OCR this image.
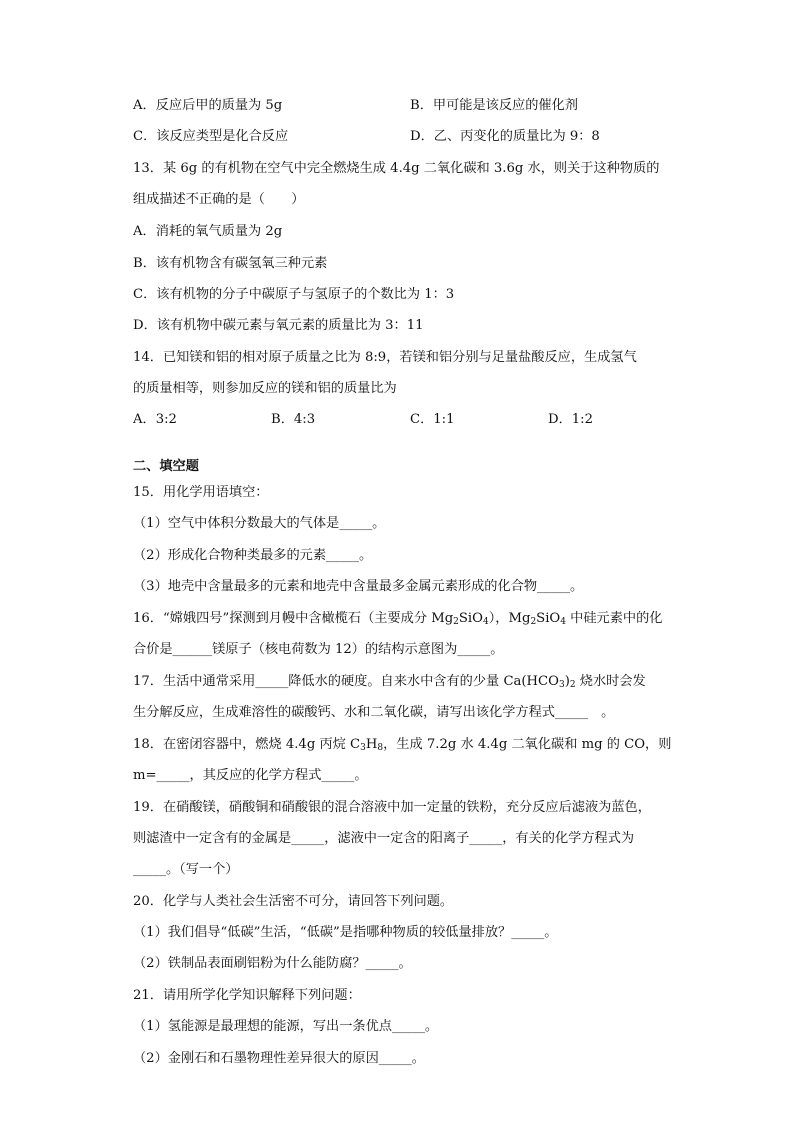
A．反应后甲的质量为 5g	B．甲可能是该反应的催化剂
C．该反应类型是化合反应	D．乙、丙变化的质量比为 9：8
13．某 6g 的有机物在空气中完全燃烧生成 4.4g 二氧化碳和 3.6g 水，则关于这种物质的
组成描述不正确的是（　　）
A．消耗的氧气质量为 2g
B．该有机物含有碳氢氧三种元素
C．该有机物的分子中碳原子与氢原子的个数比为 1：3
D．该有机物中碳元素与氧元素的质量比为 3：11
14．已知镁和铝的相对原子质量之比为 8:9，若镁和铝分别与足量盐酸反应，生成氢气
的质量相等，则参加反应的镁和铝的质量比为
A．3:2	B．4:3	C．1:1	D．1:2
二、填空题
15．用化学用语填空：
（1）空气中体积分数最大的气体是_____。
（2）形成化合物种类最多的元素_____。
（3）地壳中含量最多的元素和地壳中含量最多金属元素形成的化合物_____。
16．“嫦娥四号”探测到月幔中含橄榄石（主要成分 $Mg_2SiO_4$），$Mg_2SiO_4$ 中硅元素中的化
合价是______镁原子（核电荷数为 12）的结构示意图为_____。
17．生活中通常采用_____降低水的硬度。自来水中含有的少量 $Ca(HCO_3)_2$ 烧水时会发
生分解反应，生成难溶性的碳酸钙、水和二氧化碳，请写出该化学方程式_____　。
18．在密闭容器中，燃烧 4.4g 丙烷 $C_3H_8$，生成 7.2g 水 4.4g 二氧化碳和 mg 的 CO，则
m=_____，其反应的化学方程式_____。
19．在硝酸镁，硝酸铜和硝酸银的混合溶液中加一定量的铁粉，充分反应后滤液为蓝色，
则滤渣中一定含有的金属是_____，滤液中一定含的阳离子_____，有关的化学方程式为
_____。（写一个）
20．化学与人类社会生活密不可分，请回答下列问题。
（1）我们倡导“低碳”生活，“低碳”是指哪种物质的较低量排放？_____。
（2）铁制品表面刷铝粉为什么能防腐？_____。
21．请用所学化学知识解释下列问题：
（1）氢能源是最理想的能源，写出一条优点_____。
（2）金刚石和石墨物理性差异很大的原因_____。
